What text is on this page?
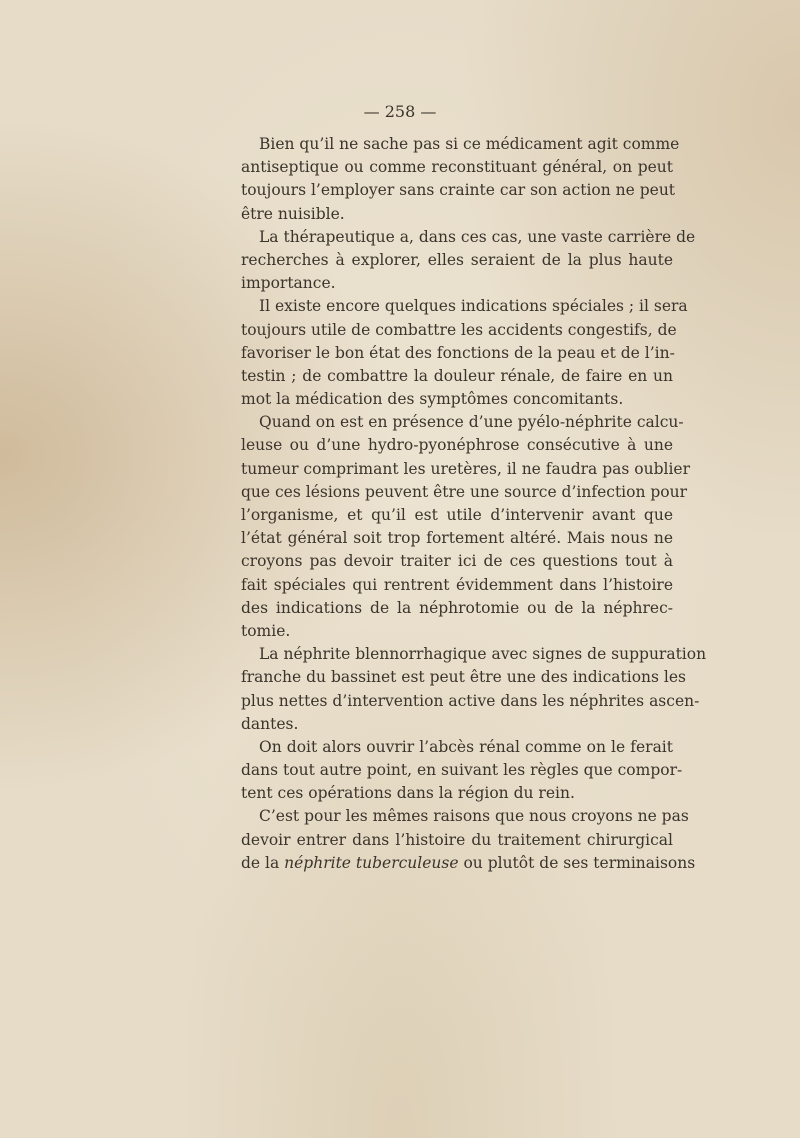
— 258 —
Bien qu’il ne sache pas si ce médicament agit comme
antiseptique ou comme reconstituant général, on peut
toujours l’employer sans crainte car son action ne peut
être nuisible.
La thérapeutique a, dans ces cas, une vaste carrière de
recherches à explorer, elles seraient de la plus haute
importance.
Il existe encore quelques indications spéciales ; il sera
toujours utile de combattre les accidents congestifs, de
favoriser le bon état des fonctions de la peau et de l’in-
testin ; de combattre la douleur rénale, de faire en un
mot la médication des symptômes concomitants.
Quand on est en présence d’une pyélo-néphrite calcu-
leuse ou d’une hydro-pyonéphrose consécutive à une
tumeur comprimant les uretères, il ne faudra pas oublier
que ces lésions peuvent être une source d’infection pour
l’organisme, et qu’il est utile d’intervenir avant que
l’état général soit trop fortement altéré. Mais nous ne
croyons pas devoir traiter ici de ces questions tout à
fait spéciales qui rentrent évidemment dans l’histoire
des indications de la néphrotomie ou de la néphrec-
tomie.
La néphrite blennorrhagique avec signes de suppuration
franche du bassinet est peut être une des indications les
plus nettes d’intervention active dans les néphrites ascen-
dantes.
On doit alors ouvrir l’abcès rénal comme on le ferait
dans tout autre point, en suivant les règles que compor-
tent ces opérations dans la région du rein.
C’est pour les mêmes raisons que nous croyons ne pas
devoir entrer dans l’histoire du traitement chirurgical
de la néphrite tuberculeuse ou plutôt de ses terminaisons
